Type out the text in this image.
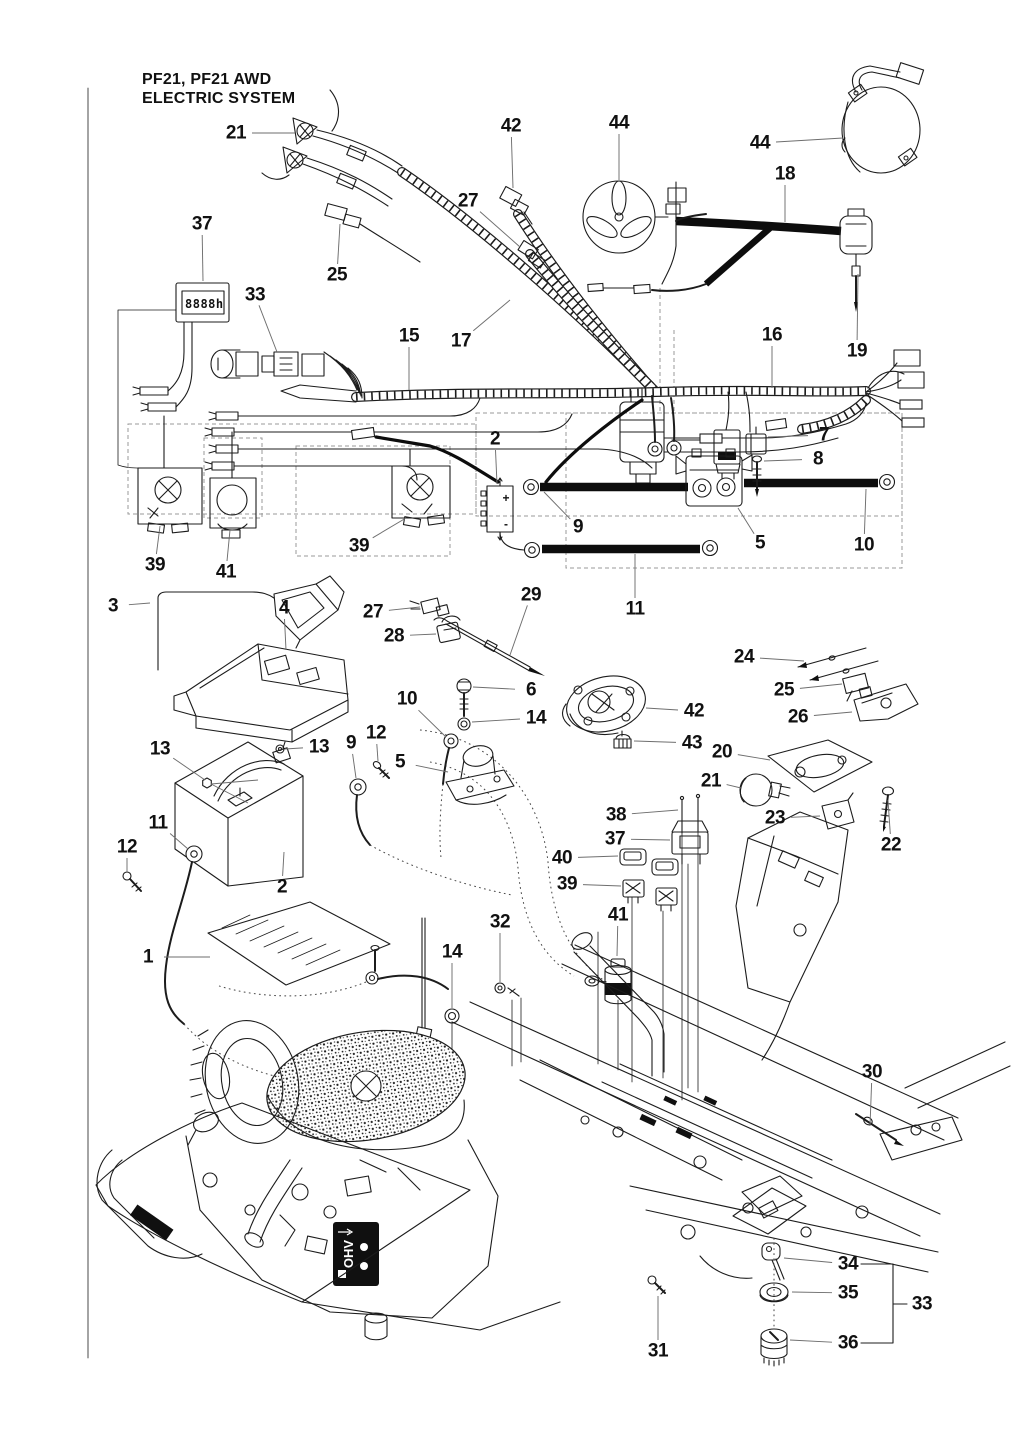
8888h
+
-
OHV
PF21, PF21 AWD
ELECTRIC SYSTEM
21	42	44
44
18
37
27
25
33
15 17	16
19
7
8
2
9
5	10
39	41
39
11
3	4	27
28
29
24
25
26
6
10
14	42
43 20
21
13	13 9 12
5
11
12
2
38
37
40
39
23
22
41
1
32
14
30
34
35
36
33
31
